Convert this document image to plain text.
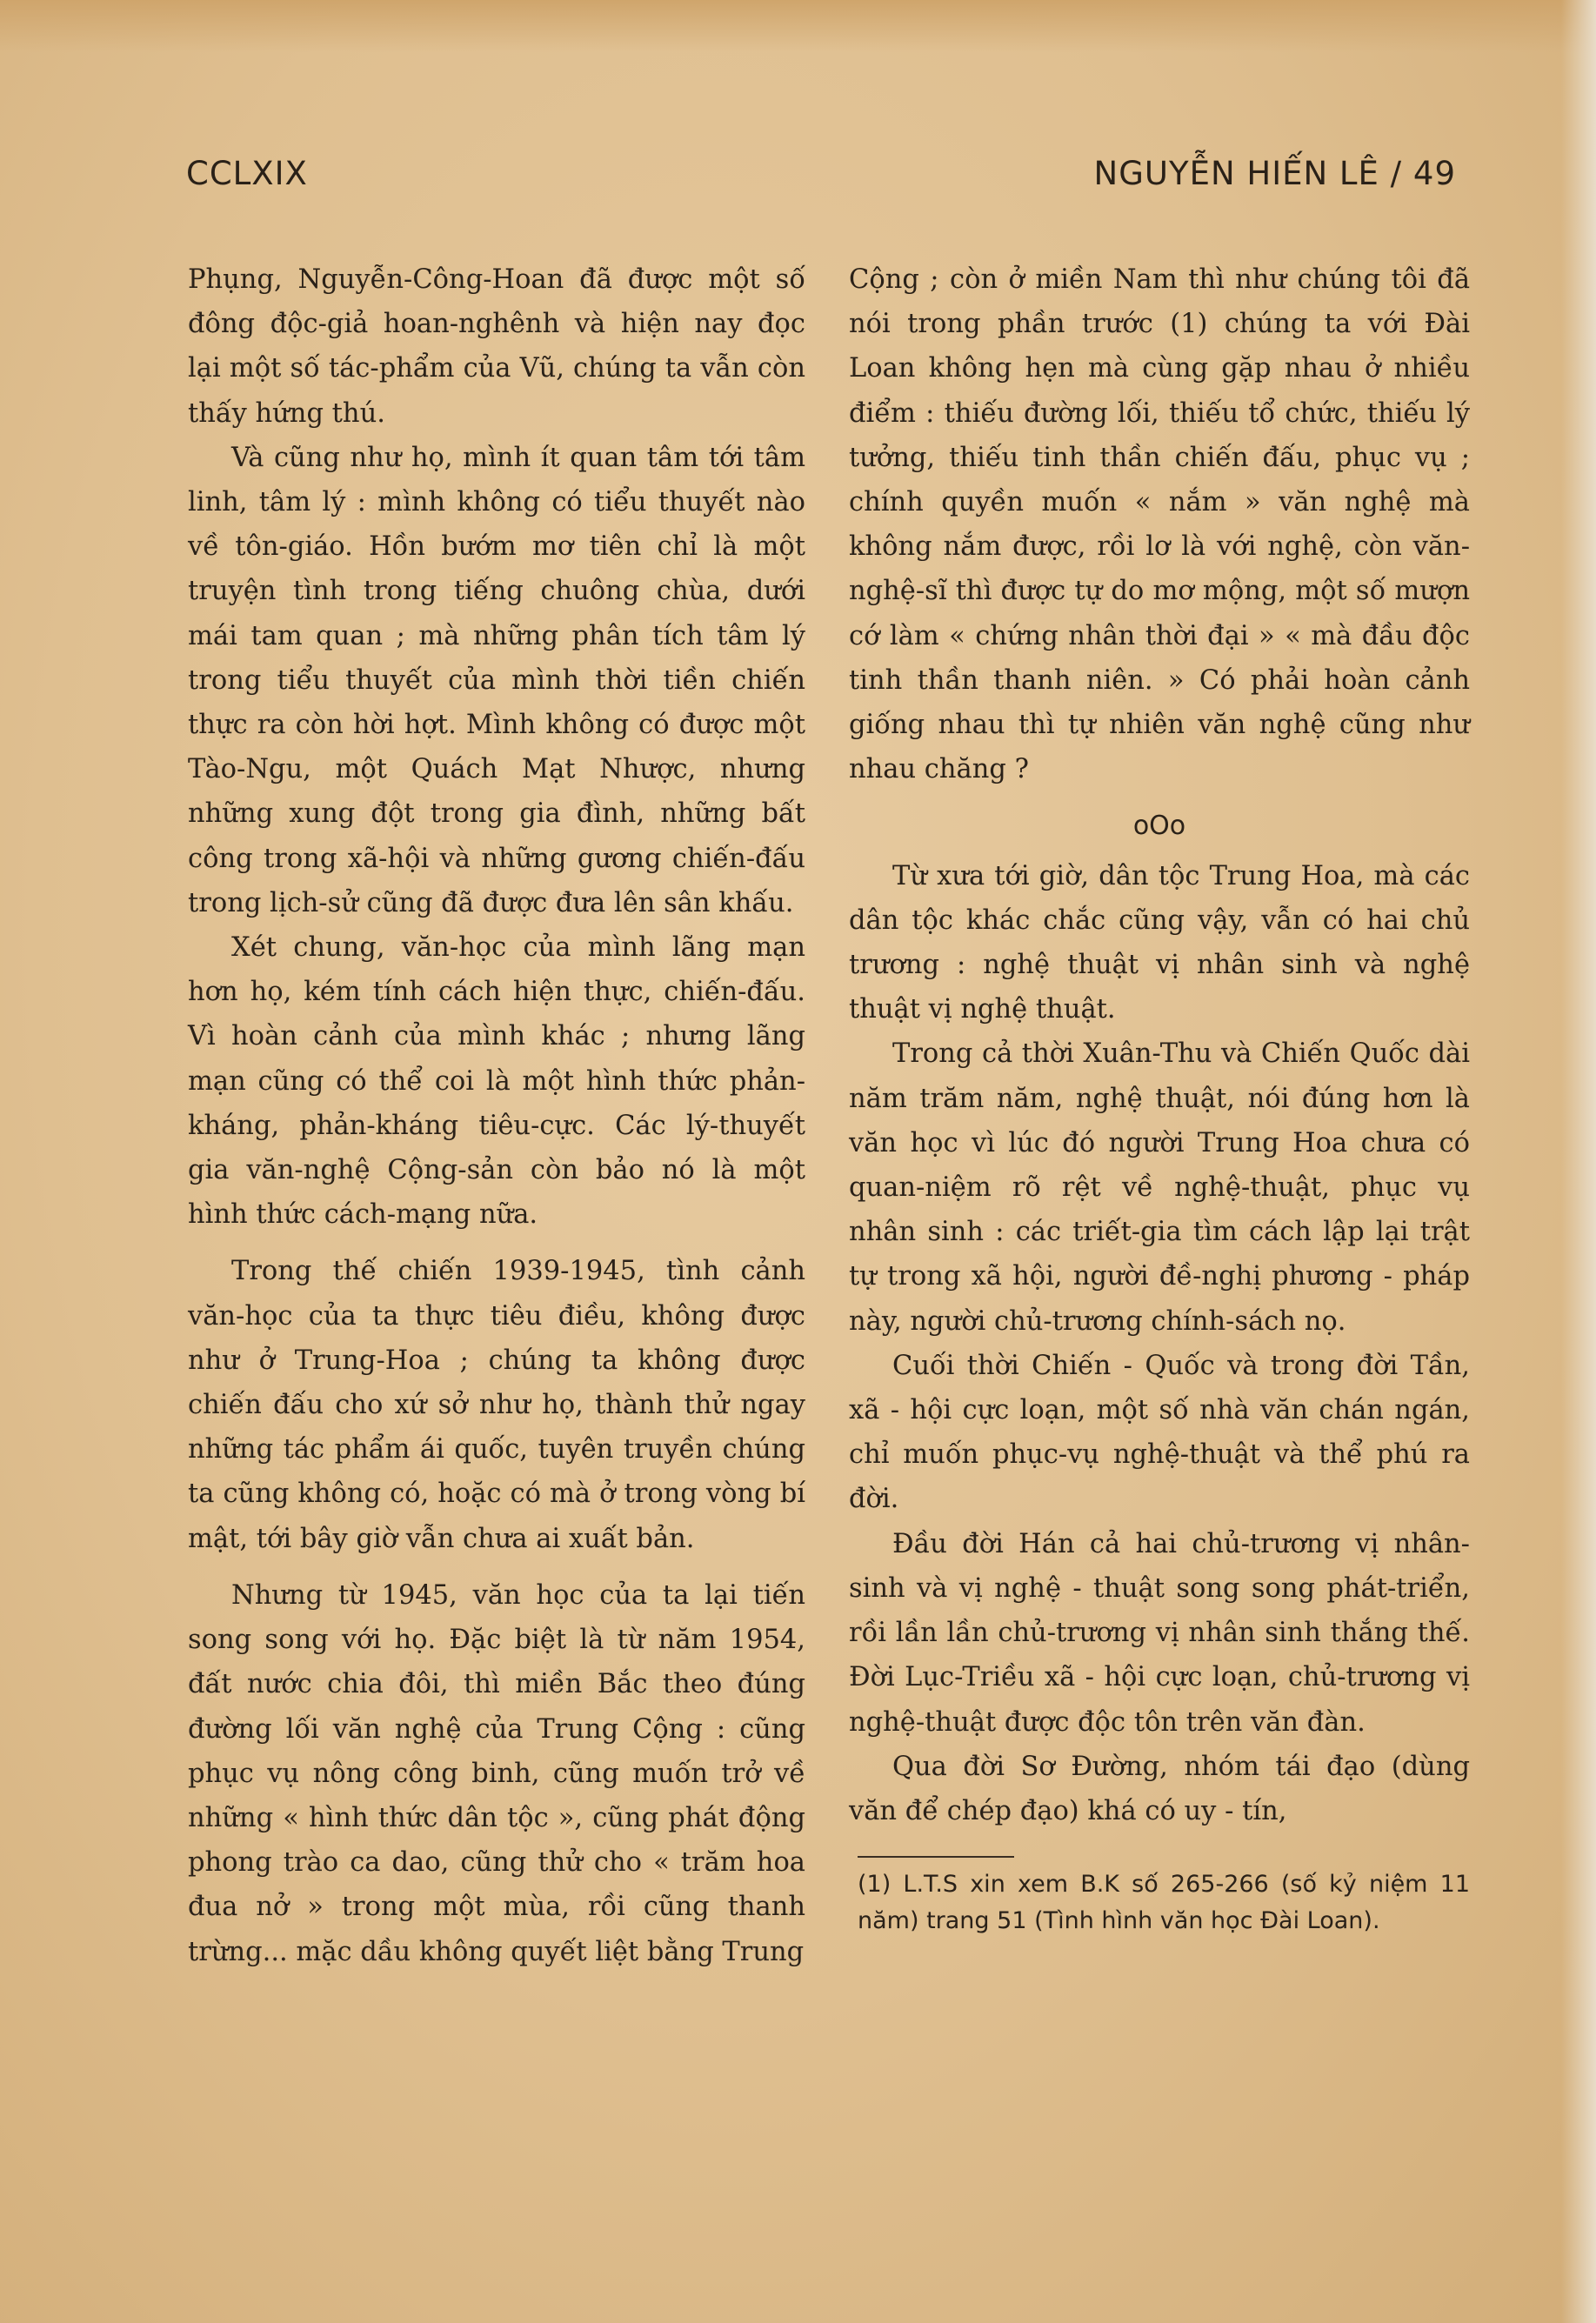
CCLXIX	NGUYỄN HIẾN LÊ / 49

Phụng, Nguyễn-Công-Hoan đã được một số đông độc-giả hoan-nghênh và hiện nay đọc lại một số tác-phẩm của Vũ, chúng ta vẫn còn thấy hứng thú.

Và cũng như họ, mình ít quan tâm tới tâm linh, tâm lý : mình không có tiểu thuyết nào về tôn-giáo. Hồn bướm mơ tiên chỉ là một truyện tình trong tiếng chuông chùa, dưới mái tam quan ; mà những phân tích tâm lý trong tiểu thuyết của mình thời tiền chiến thực ra còn hời hợt. Mình không có được một Tào-Ngu, một Quách Mạt Nhược, nhưng những xung đột trong gia đình, những bất công trong xã-hội và những gương chiến-đấu trong lịch-sử cũng đã được đưa lên sân khấu.

Xét chung, văn-học của mình lãng mạn hơn họ, kém tính cách hiện thực, chiến-đấu. Vì hoàn cảnh của mình khác ; nhưng lãng mạn cũng có thể coi là một hình thức phản-kháng, phản-kháng tiêu-cực. Các lý-thuyết gia văn-nghệ Cộng-sản còn bảo nó là một hình thức cách-mạng nữa.

Trong thế chiến 1939-1945, tình cảnh văn-học của ta thực tiêu điều, không được như ở Trung-Hoa ; chúng ta không được chiến đấu cho xứ sở như họ, thành thử ngay những tác phẩm ái quốc, tuyên truyền chúng ta cũng không có, hoặc có mà ở trong vòng bí mật, tới bây giờ vẫn chưa ai xuất bản.

Nhưng từ 1945, văn học của ta lại tiến song song với họ. Đặc biệt là từ năm 1954, đất nước chia đôi, thì miền Bắc theo đúng đường lối văn nghệ của Trung Cộng : cũng phục vụ nông công binh, cũng muốn trở về những « hình thức dân tộc », cũng phát động phong trào ca dao, cũng thử cho « trăm hoa đua nở » trong một mùa, rồi cũng thanh trừng... mặc dầu không quyết liệt bằng Trung

Cộng ; còn ở miền Nam thì như chúng tôi đã nói trong phần trước (1) chúng ta với Đài Loan không hẹn mà cùng gặp nhau ở nhiều điểm : thiếu đường lối, thiếu tổ chức, thiếu lý tưởng, thiếu tinh thần chiến đấu, phục vụ ; chính quyền muốn « nắm » văn nghệ mà không nắm được, rồi lơ là với nghệ, còn văn-nghệ-sĩ thì được tự do mơ mộng, một số mượn cớ làm « chứng nhân thời đại » « mà đầu độc tinh thần thanh niên. » Có phải hoàn cảnh giống nhau thì tự nhiên văn nghệ cũng như nhau chăng ?

oOo

Từ xưa tới giờ, dân tộc Trung Hoa, mà các dân tộc khác chắc cũng vậy, vẫn có hai chủ trương : nghệ thuật vị nhân sinh và nghệ thuật vị nghệ thuật.

Trong cả thời Xuân-Thu và Chiến Quốc dài năm trăm năm, nghệ thuật, nói đúng hơn là văn học vì lúc đó người Trung Hoa chưa có quan-niệm rõ rệt về nghệ-thuật, phục vụ nhân sinh : các triết-gia tìm cách lập lại trật tự trong xã hội, người đề-nghị phương - pháp này, người chủ-trương chính-sách nọ.

Cuối thời Chiến - Quốc và trong đời Tần, xã - hội cực loạn, một số nhà văn chán ngán, chỉ muốn phục-vụ nghệ-thuật và thể phú ra đời.

Đầu đời Hán cả hai chủ-trương vị nhân-sinh và vị nghệ - thuật song song phát-triển, rồi lần lần chủ-trương vị nhân sinh thắng thế. Đời Lục-Triều xã - hội cực loạn, chủ-trương vị nghệ-thuật được độc tôn trên văn đàn.

Qua đời Sơ Đường, nhóm tái đạo (dùng văn để chép đạo) khá có uy - tín,

(1) L.T.S xin xem B.K số 265-266 (số kỷ niệm 11 năm) trang 51 (Tình hình văn học Đài Loan).
